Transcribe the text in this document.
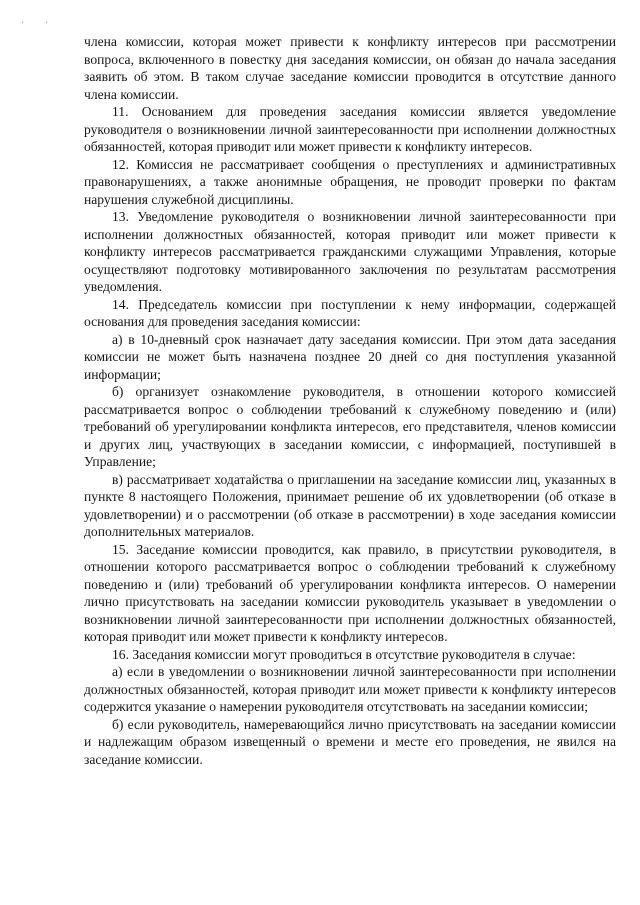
'	'

члена комиссии, которая может привести к конфликту интересов при рассмотрении вопроса, включенного в повестку дня заседания комиссии, он обязан до начала заседания заявить об этом. В таком случае заседание комиссии проводится в отсутствие данного члена комиссии.

11. Основанием для проведения заседания комиссии является уведомление руководителя о возникновении личной заинтересованности при исполнении должностных обязанностей, которая приводит или может привести к конфликту интересов.

12. Комиссия не рассматривает сообщения о преступлениях и административных правонарушениях, а также анонимные обращения, не проводит проверки по фактам нарушения служебной дисциплины.

13. Уведомление руководителя о возникновении личной заинтересованности при исполнении должностных обязанностей, которая приводит или может привести к конфликту интересов рассматривается гражданскими служащими Управления, которые осуществляют подготовку мотивированного заключения по результатам рассмотрения уведомления.

14. Председатель комиссии при поступлении к нему информации, содержащей основания для проведения заседания комиссии:

а) в 10-дневный срок назначает дату заседания комиссии. При этом дата заседания комиссии не может быть назначена позднее 20 дней со дня поступления указанной информации;

б) организует ознакомление руководителя, в отношении которого комиссией рассматривается вопрос о соблюдении требований к служебному поведению и (или) требований об урегулировании конфликта интересов, его представителя, членов комиссии и других лиц, участвующих в заседании комиссии, с информацией, поступившей в Управление;

в) рассматривает ходатайства о приглашении на заседание комиссии лиц, указанных в пункте 8 настоящего Положения, принимает решение об их удовлетворении (об отказе в удовлетворении) и о рассмотрении (об отказе в рассмотрении) в ходе заседания комиссии дополнительных материалов.

15. Заседание комиссии проводится, как правило, в присутствии руководителя, в отношении которого рассматривается вопрос о соблюдении требований к служебному поведению и (или) требований об урегулировании конфликта интересов. О намерении лично присутствовать на заседании комиссии руководитель указывает в уведомлении о возникновении личной заинтересованности при исполнении должностных обязанностей, которая приводит или может привести к конфликту интересов.

16. Заседания комиссии могут проводиться в отсутствие руководителя в случае:

а) если в уведомлении о возникновении личной заинтересованности при исполнении должностных обязанностей, которая приводит или может привести к конфликту интересов содержится указание о намерении руководителя отсутствовать на заседании комиссии;

б) если руководитель, намеревающийся лично присутствовать на заседании комиссии и надлежащим образом извещенный о времени и месте его проведения, не явился на заседание комиссии.
